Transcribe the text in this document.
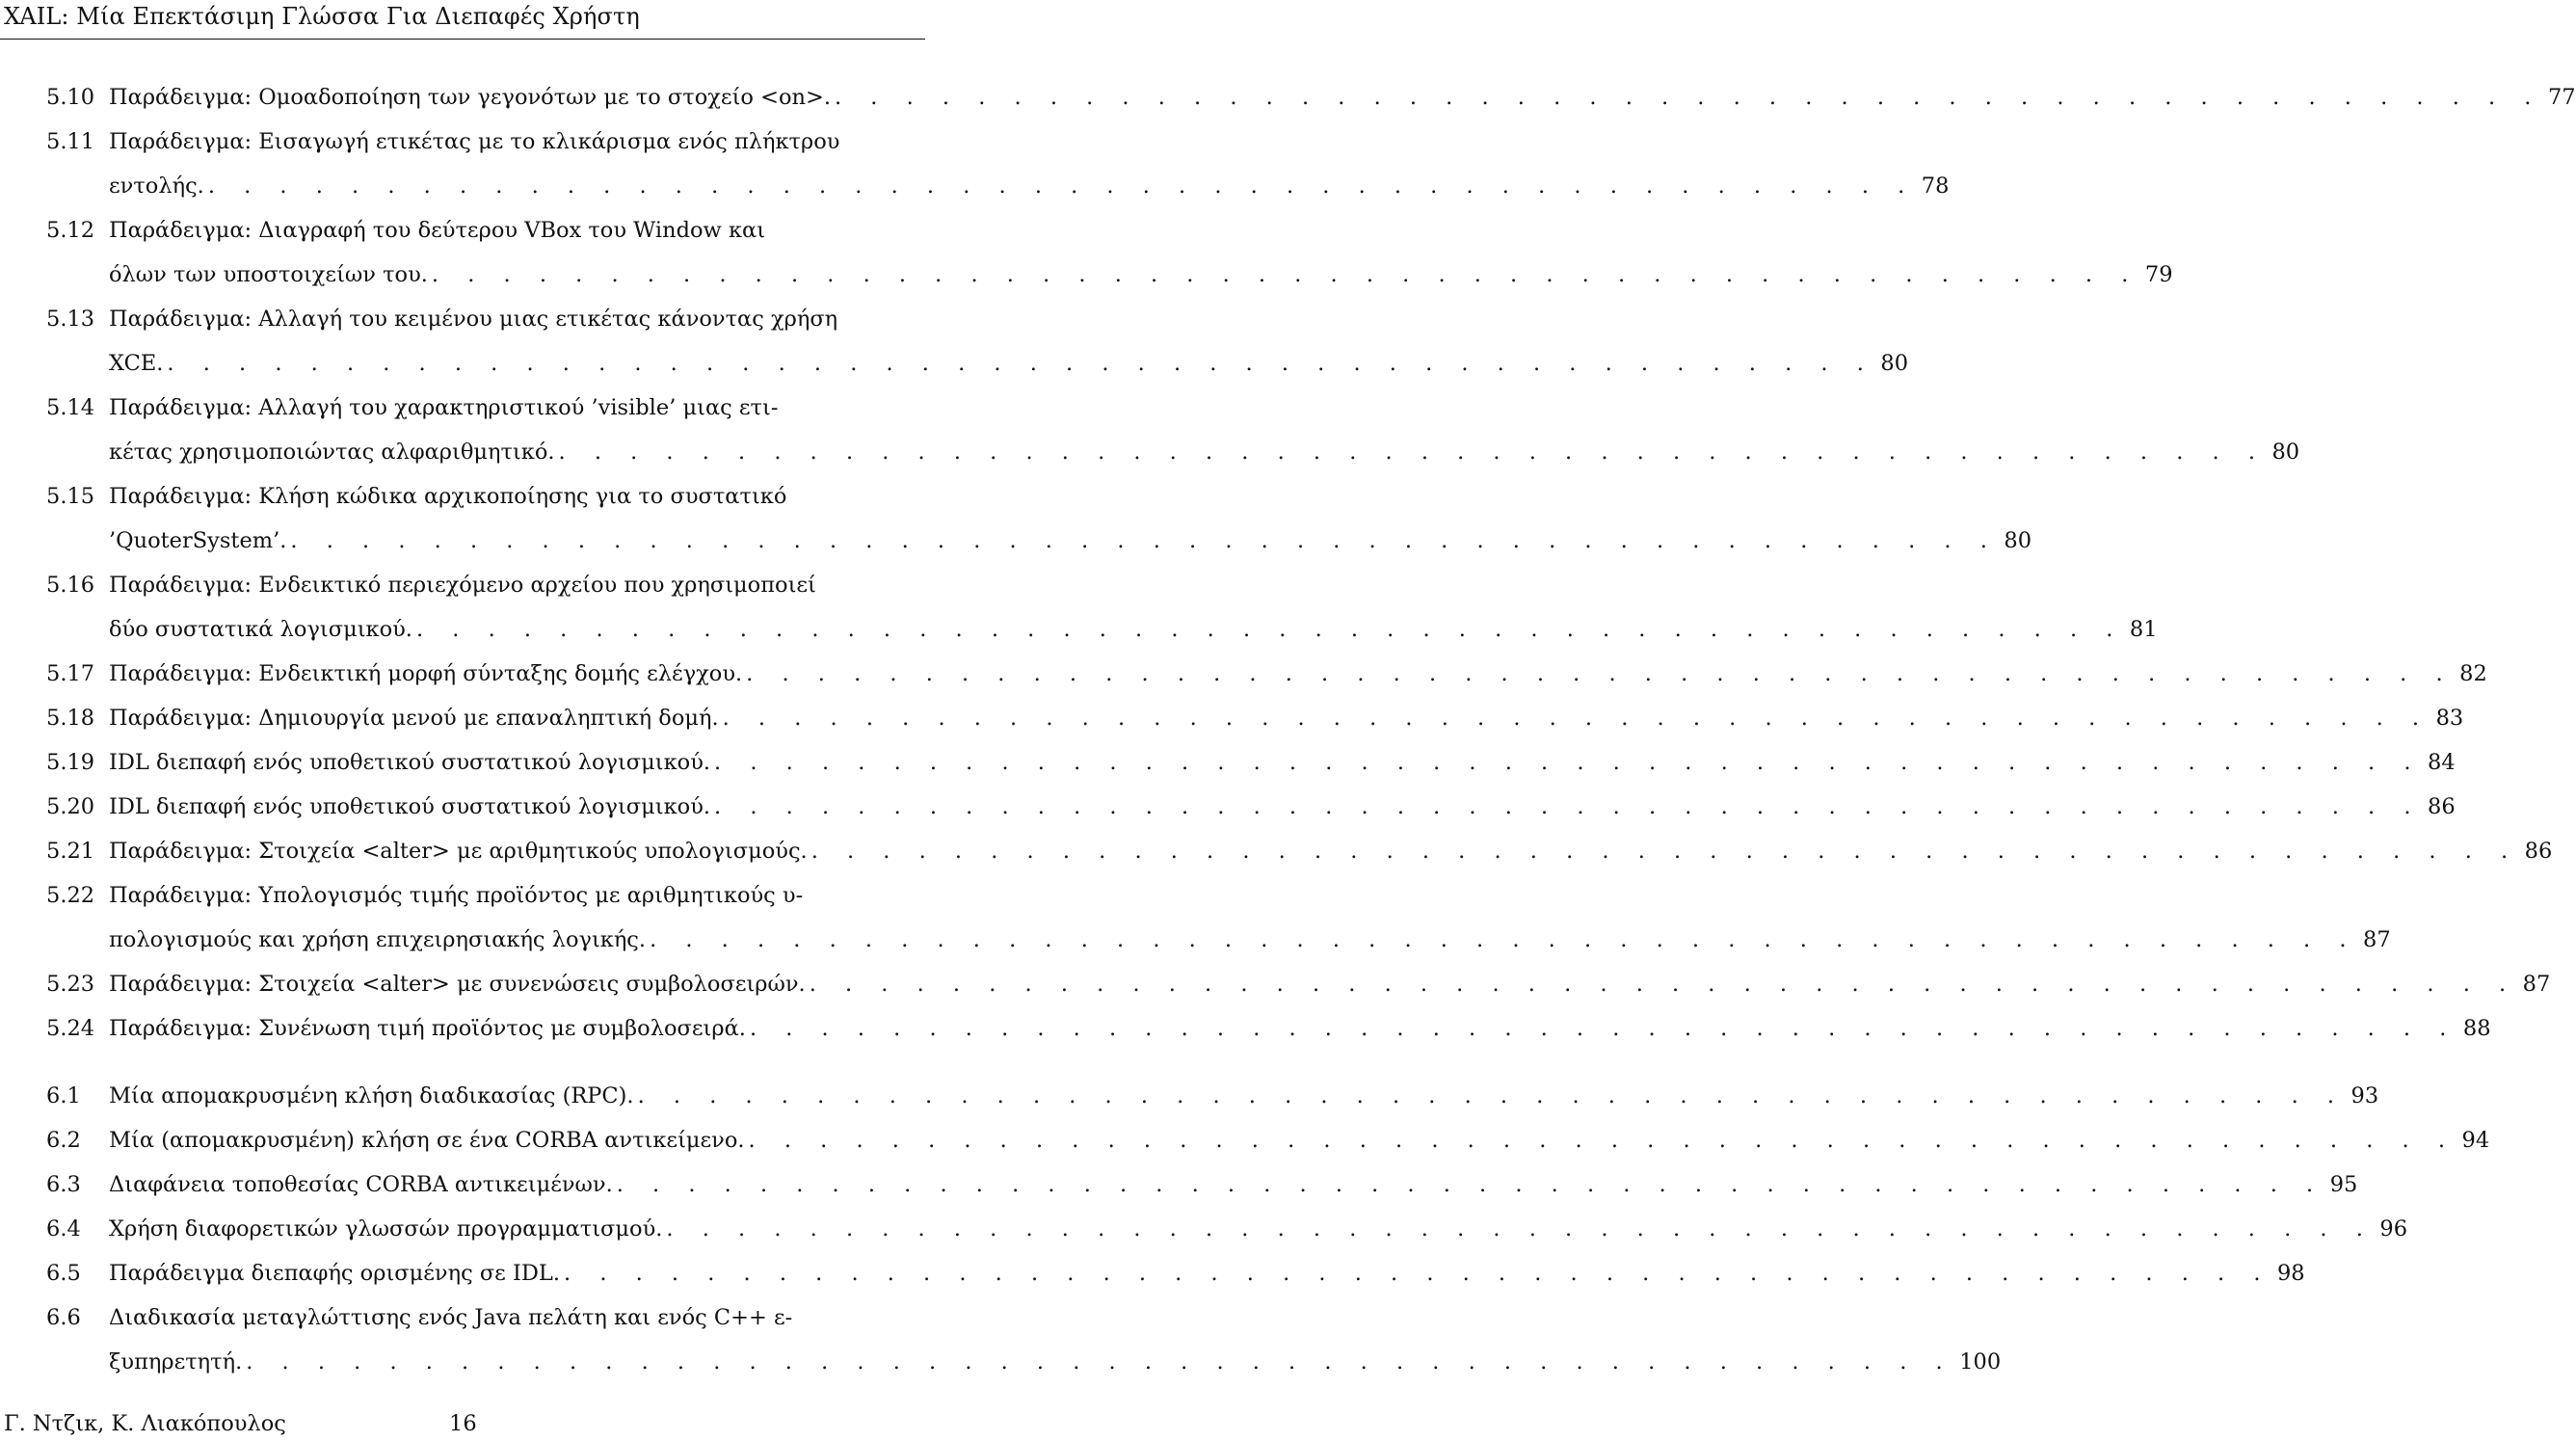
XAIL: Μία Επεκτάσιμη Γλώσσα Για Διεπαφές Χρήστη
5.10 Παράδειγμα: Ομοαδοποίηση των γεγονότων με το στοχείο <on>. . . . . . . . . . . . . . . . . . . . . . . . . . . . . . . . . . . . . . . . . . . . . . . . . 77
5.11 Παράδειγμα: Εισαγωγή ετικέτας με το κλικάρισμα ενός πλήκτρου
εντολής. . . . . . . . . . . . . . . . . . . . . . . . . . . . . . . . . . . . . . . . . . . . . . . . . 78
5.12 Παράδειγμα: Διαγραφή του δεύτερου VBox του Window και
όλων των υποστοιχείων του. . . . . . . . . . . . . . . . . . . . . . . . . . . . . . . . . . . . . . . . . . . . . . . . . 79
5.13 Παράδειγμα: Αλλαγή του κειμένου μιας ετικέτας κάνοντας χρήση
XCE. . . . . . . . . . . . . . . . . . . . . . . . . . . . . . . . . . . . . . . . . . . . . . . . . 80
5.14 Παράδειγμα: Αλλαγή του χαρακτηριστικού ’visible’ μιας ετι-
κέτας χρησιμοποιώντας αλφαριθμητικό. . . . . . . . . . . . . . . . . . . . . . . . . . . . . . . . . . . . . . . . . . . . . . . . . 80
5.15 Παράδειγμα: Κλήση κώδικα αρχικοποίησης για το συστατικό
’QuoterSystem’. . . . . . . . . . . . . . . . . . . . . . . . . . . . . . . . . . . . . . . . . . . . . . . . . 80
5.16 Παράδειγμα: Ενδεικτικό περιεχόμενο αρχείου που χρησιμοποιεί
δύο συστατικά λογισμικού. . . . . . . . . . . . . . . . . . . . . . . . . . . . . . . . . . . . . . . . . . . . . . . . . 81
5.17 Παράδειγμα: Ενδεικτική μορφή σύνταξης δομής ελέγχου. . . . . . . . . . . . . . . . . . . . . . . . . . . . . . . . . . . . . . . . . . . . . . . . . 82
5.18 Παράδειγμα: Δημιουργία μενού με επαναληπτική δομή. . . . . . . . . . . . . . . . . . . . . . . . . . . . . . . . . . . . . . . . . . . . . . . . . 83
5.19 IDL διεπαφή ενός υποθετικού συστατικού λογισμικού. . . . . . . . . . . . . . . . . . . . . . . . . . . . . . . . . . . . . . . . . . . . . . . . . 84
5.20 IDL διεπαφή ενός υποθετικού συστατικού λογισμικού. . . . . . . . . . . . . . . . . . . . . . . . . . . . . . . . . . . . . . . . . . . . . . . . . 86
5.21 Παράδειγμα: Στοιχεία <alter> με αριθμητικούς υπολογισμούς. . . . . . . . . . . . . . . . . . . . . . . . . . . . . . . . . . . . . . . . . . . . . . . . . 86
5.22 Παράδειγμα: Υπολογισμός τιμής προϊόντος με αριθμητικούς υ-
πολογισμούς και χρήση επιχειρησιακής λογικής. . . . . . . . . . . . . . . . . . . . . . . . . . . . . . . . . . . . . . . . . . . . . . . . . 87
5.23 Παράδειγμα: Στοιχεία <alter> με συνενώσεις συμβολοσειρών. . . . . . . . . . . . . . . . . . . . . . . . . . . . . . . . . . . . . . . . . . . . . . . . . 87
5.24 Παράδειγμα: Συνένωση τιμή προϊόντος με συμβολοσειρά. . . . . . . . . . . . . . . . . . . . . . . . . . . . . . . . . . . . . . . . . . . . . . . . . 88
6.1 Μία απομακρυσμένη κλήση διαδικασίας (RPC). . . . . . . . . . . . . . . . . . . . . . . . . . . . . . . . . . . . . . . . . . . . . . . . . 93
6.2 Μία (απομακρυσμένη) κλήση σε ένα CORBA αντικείμενο. . . . . . . . . . . . . . . . . . . . . . . . . . . . . . . . . . . . . . . . . . . . . . . . . 94
6.3 Διαφάνεια τοποθεσίας CORBA αντικειμένων. . . . . . . . . . . . . . . . . . . . . . . . . . . . . . . . . . . . . . . . . . . . . . . . . 95
6.4 Χρήση διαφορετικών γλωσσών προγραμματισμού. . . . . . . . . . . . . . . . . . . . . . . . . . . . . . . . . . . . . . . . . . . . . . . . . 96
6.5 Παράδειγμα διεπαφής ορισμένης σε IDL. . . . . . . . . . . . . . . . . . . . . . . . . . . . . . . . . . . . . . . . . . . . . . . . . 98
6.6 Διαδικασία μεταγλώττισης ενός Java πελάτη και ενός C++ ε-
ξυπηρετητή. . . . . . . . . . . . . . . . . . . . . . . . . . . . . . . . . . . . . . . . . . . . . . . . . 100
Γ. Ντζικ, Κ. Λιακόπουλος	16
